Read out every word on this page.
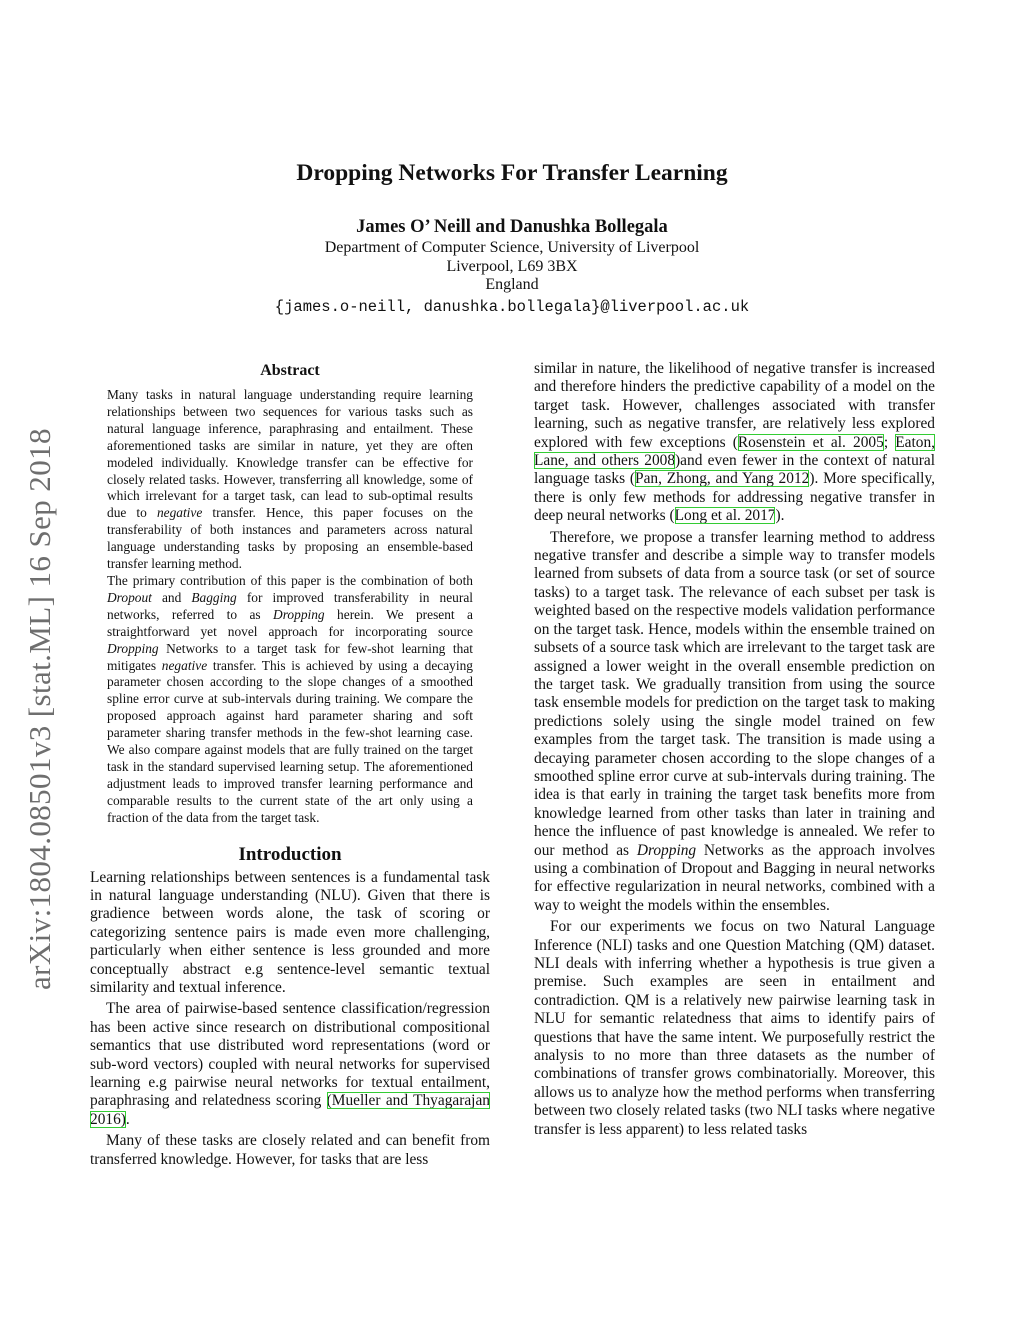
arXiv:1804.08501v3 [stat.ML] 16 Sep 2018
Dropping Networks For Transfer Learning
James O’ Neill and Danushka Bollegala
Department of Computer Science, University of Liverpool
Liverpool, L69 3BX
England
{james.o-neill, danushka.bollegala}@liverpool.ac.uk
Abstract

Many tasks in natural language understanding require learning relationships between two sequences for various tasks such as natural language inference, paraphrasing and entailment. These aforementioned tasks are similar in nature, yet they are often modeled individually. Knowledge transfer can be effective for closely related tasks. However, transferring all knowledge, some of which irrelevant for a target task, can lead to sub-optimal results due to negative transfer. Hence, this paper focuses on the transferability of both instances and parameters across natural language understanding tasks by proposing an ensemble-based transfer learning method.

The primary contribution of this paper is the combination of both Dropout and Bagging for improved transferability in neural networks, referred to as Dropping herein. We present a straightforward yet novel approach for incorporating source Dropping Networks to a target task for few-shot learning that mitigates negative transfer. This is achieved by using a decaying parameter chosen according to the slope changes of a smoothed spline error curve at sub-intervals during training. We compare the proposed approach against hard parameter sharing and soft parameter sharing transfer methods in the few-shot learning case. We also compare against models that are fully trained on the target task in the standard supervised learning setup. The aforementioned adjustment leads to improved transfer learning performance and comparable results to the current state of the art only using a fraction of the data from the target task.

Introduction

Learning relationships between sentences is a fundamental task in natural language understanding (NLU). Given that there is gradience between words alone, the task of scoring or categorizing sentence pairs is made even more challenging, particularly when either sentence is less grounded and more conceptually abstract e.g sentence-level semantic textual similarity and textual inference.

The area of pairwise-based sentence classification/regression has been active since research on distributional compositional semantics that use distributed word representations (word or sub-word vectors) coupled with neural networks for supervised learning e.g pairwise neural networks for textual entailment, paraphrasing and relatedness scoring (Mueller and Thyagarajan 2016).

Many of these tasks are closely related and can benefit from transferred knowledge. However, for tasks that are less

similar in nature, the likelihood of negative transfer is increased and therefore hinders the predictive capability of a model on the target task. However, challenges associated with transfer learning, such as negative transfer, are relatively less explored explored with few exceptions (Rosenstein et al. 2005; Eaton, Lane, and others 2008)and even fewer in the context of natural language tasks (Pan, Zhong, and Yang 2012). More specifically, there is only few methods for addressing negative transfer in deep neural networks (Long et al. 2017).

Therefore, we propose a transfer learning method to address negative transfer and describe a simple way to transfer models learned from subsets of data from a source task (or set of source tasks) to a target task. The relevance of each subset per task is weighted based on the respective models validation performance on the target task. Hence, models within the ensemble trained on subsets of a source task which are irrelevant to the target task are assigned a lower weight in the overall ensemble prediction on the target task. We gradually transition from using the source task ensemble models for prediction on the target task to making predictions solely using the single model trained on few examples from the target task. The transition is made using a decaying parameter chosen according to the slope changes of a smoothed spline error curve at sub-intervals during training. The idea is that early in training the target task benefits more from knowledge learned from other tasks than later in training and hence the influence of past knowledge is annealed. We refer to our method as Dropping Networks as the approach involves using a combination of Dropout and Bagging in neural networks for effective regularization in neural networks, combined with a way to weight the models within the ensembles.

For our experiments we focus on two Natural Language Inference (NLI) tasks and one Question Matching (QM) dataset. NLI deals with inferring whether a hypothesis is true given a premise. Such examples are seen in entailment and contradiction. QM is a relatively new pairwise learning task in NLU for semantic relatedness that aims to identify pairs of questions that have the same intent. We purposefully restrict the analysis to no more than three datasets as the number of combinations of transfer grows combinatorially. Moreover, this allows us to analyze how the method performs when transferring between two closely related tasks (two NLI tasks where negative transfer is less apparent) to less related tasks
